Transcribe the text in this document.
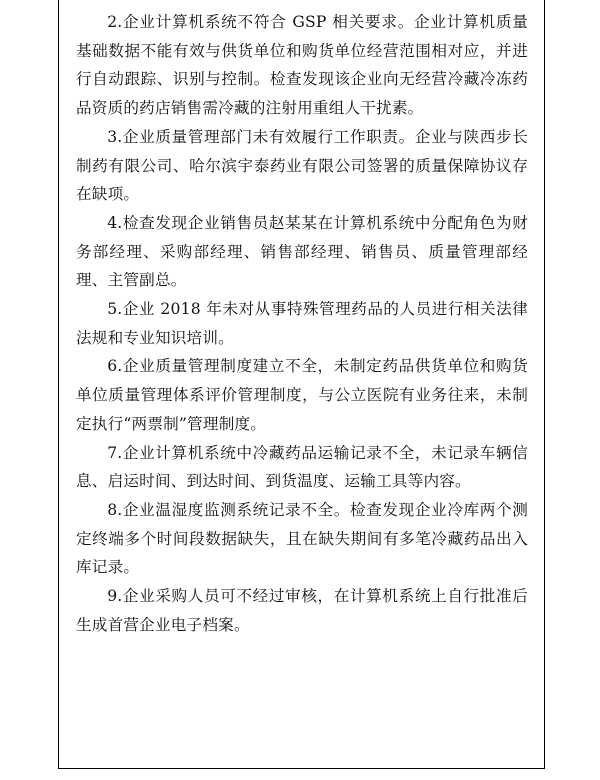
2.企业计算机系统不符合 GSP 相关要求。企业计算机质量基础数据不能有效与供货单位和购货单位经营范围相对应，并进行自动跟踪、识别与控制。检查发现该企业向无经营冷藏冷冻药品资质的药店销售需冷藏的注射用重组人干扰素。

3.企业质量管理部门未有效履行工作职责。企业与陕西步长制药有限公司、哈尔滨宇泰药业有限公司签署的质量保障协议存在缺项。

4.检查发现企业销售员赵某某在计算机系统中分配角色为财务部经理、采购部经理、销售部经理、销售员、质量管理部经理、主管副总。

5.企业 2018 年未对从事特殊管理药品的人员进行相关法律法规和专业知识培训。

6.企业质量管理制度建立不全，未制定药品供货单位和购货单位质量管理体系评价管理制度，与公立医院有业务往来，未制定执行“两票制”管理制度。

7.企业计算机系统中冷藏药品运输记录不全，未记录车辆信息、启运时间、到达时间、到货温度、运输工具等内容。

8.企业温湿度监测系统记录不全。检查发现企业冷库两个测定终端多个时间段数据缺失，且在缺失期间有多笔冷藏药品出入库记录。

9.企业采购人员可不经过审核，在计算机系统上自行批准后生成首营企业电子档案。
